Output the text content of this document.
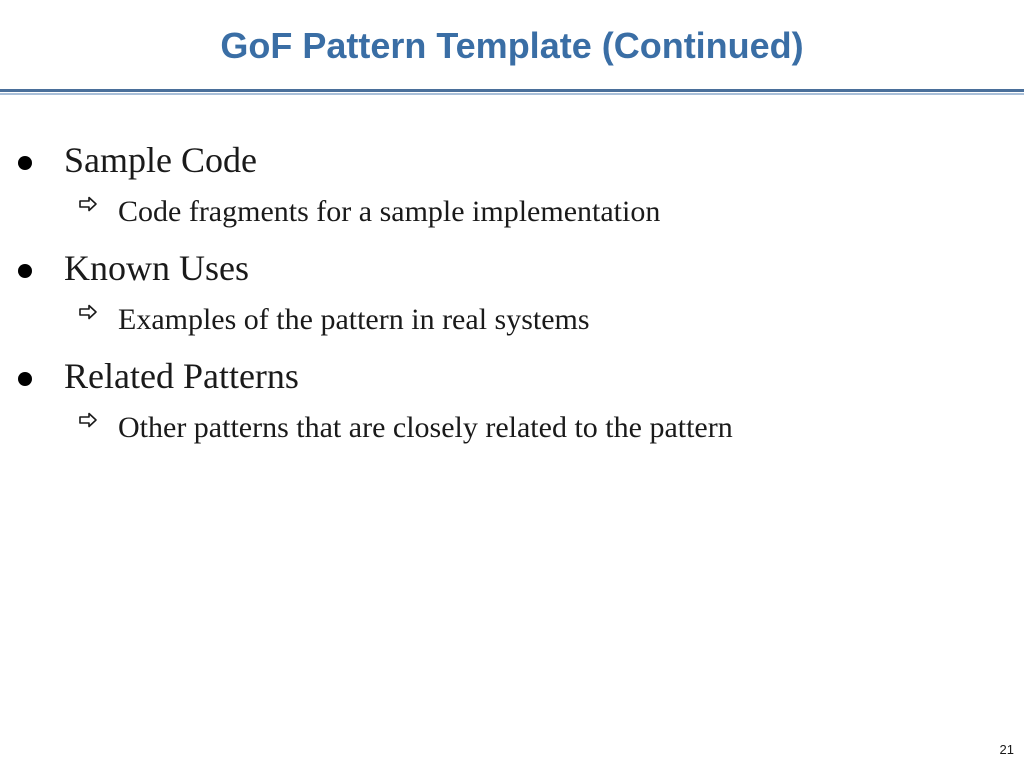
GoF Pattern Template (Continued)
Sample Code
Code fragments for a sample implementation
Known Uses
Examples of the pattern in real systems
Related Patterns
Other patterns that are closely related to the pattern
21
